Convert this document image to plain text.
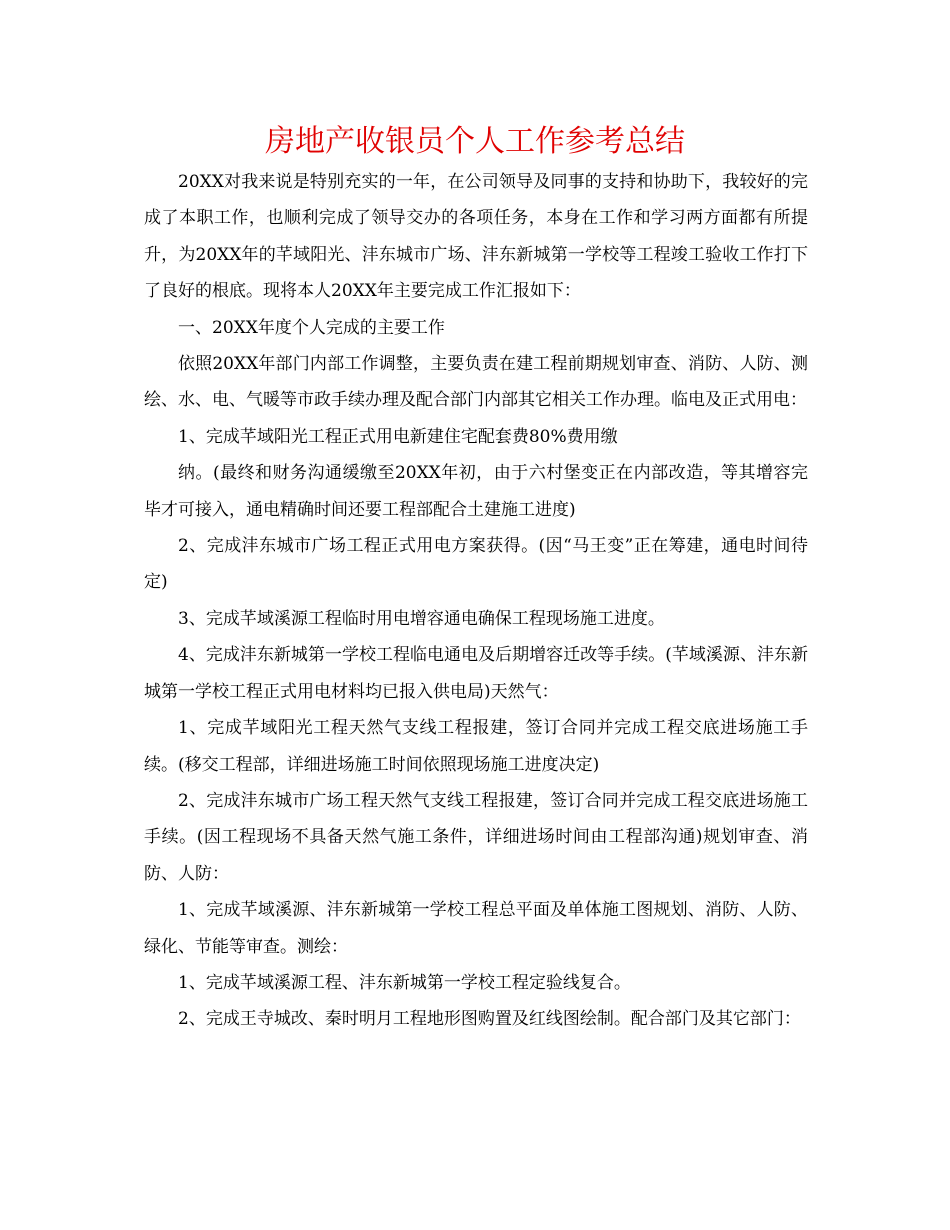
房地产收银员个人工作参考总结

20XX对我来说是特别充实的一年，在公司领导及同事的支持和协助下，我较好的完成了本职工作，也顺利完成了领导交办的各项任务，本身在工作和学习两方面都有所提升，为20XX年的芊域阳光、沣东城市广场、沣东新城第一学校等工程竣工验收工作打下了良好的根底。现将本人20XX年主要完成工作汇报如下：

一、20XX年度个人完成的主要工作

依照20XX年部门内部工作调整，主要负责在建工程前期规划审查、消防、人防、测绘、水、电、气暖等市政手续办理及配合部门内部其它相关工作办理。临电及正式用电：

1、完成芊域阳光工程正式用电新建住宅配套费80%费用缴

纳。(最终和财务沟通缓缴至20XX年初，由于六村堡变正在内部改造，等其增容完毕才可接入，通电精确时间还要工程部配合土建施工进度)

2、完成沣东城市广场工程正式用电方案获得。(因“马王变”正在筹建，通电时间待定)

3、完成芊域溪源工程临时用电增容通电确保工程现场施工进度。

4、完成沣东新城第一学校工程临电通电及后期增容迁改等手续。(芊域溪源、沣东新城第一学校工程正式用电材料均已报入供电局)天然气：

1、完成芊域阳光工程天然气支线工程报建，签订合同并完成工程交底进场施工手续。(移交工程部，详细进场施工时间依照现场施工进度决定)

2、完成沣东城市广场工程天然气支线工程报建，签订合同并完成工程交底进场施工手续。(因工程现场不具备天然气施工条件，详细进场时间由工程部沟通)规划审查、消防、人防：

1、完成芊域溪源、沣东新城第一学校工程总平面及单体施工图规划、消防、人防、绿化、节能等审查。测绘：

1、完成芊域溪源工程、沣东新城第一学校工程定验线复合。

2、完成王寺城改、秦时明月工程地形图购置及红线图绘制。配合部门及其它部门：
